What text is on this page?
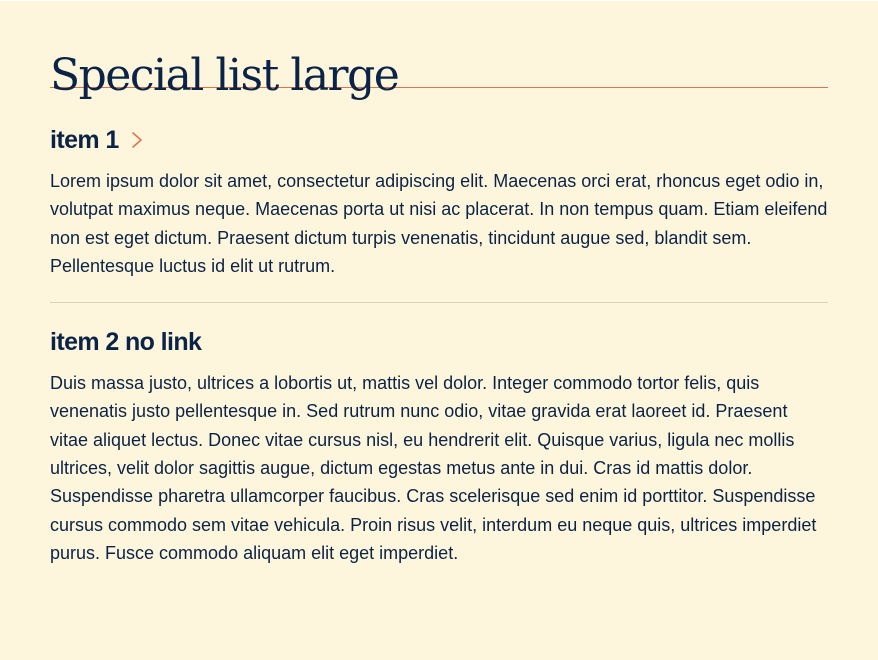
Special list large
item 1

Lorem ipsum dolor sit amet, consectetur adipiscing elit. Maecenas orci erat, rhoncus eget odio in, volutpat maximus neque. Maecenas porta ut nisi ac placerat. In non tempus quam. Etiam eleifend non est eget dictum. Praesent dictum turpis venenatis, tincidunt augue sed, blandit sem. Pellentesque luctus id elit ut rutrum.

item 2 no link

Duis massa justo, ultrices a lobortis ut, mattis vel dolor. Integer commodo tortor felis, quis venenatis justo pellentesque in. Sed rutrum nunc odio, vitae gravida erat laoreet id. Praesent vitae aliquet lectus. Donec vitae cursus nisl, eu hendrerit elit. Quisque varius, ligula nec mollis ultrices, velit dolor sagittis augue, dictum egestas metus ante in dui. Cras id mattis dolor. Suspendisse pharetra ullamcorper faucibus. Cras scelerisque sed enim id porttitor. Suspendisse cursus commodo sem vitae vehicula. Proin risus velit, interdum eu neque quis, ultrices imperdiet purus. Fusce commodo aliquam elit eget imperdiet.
